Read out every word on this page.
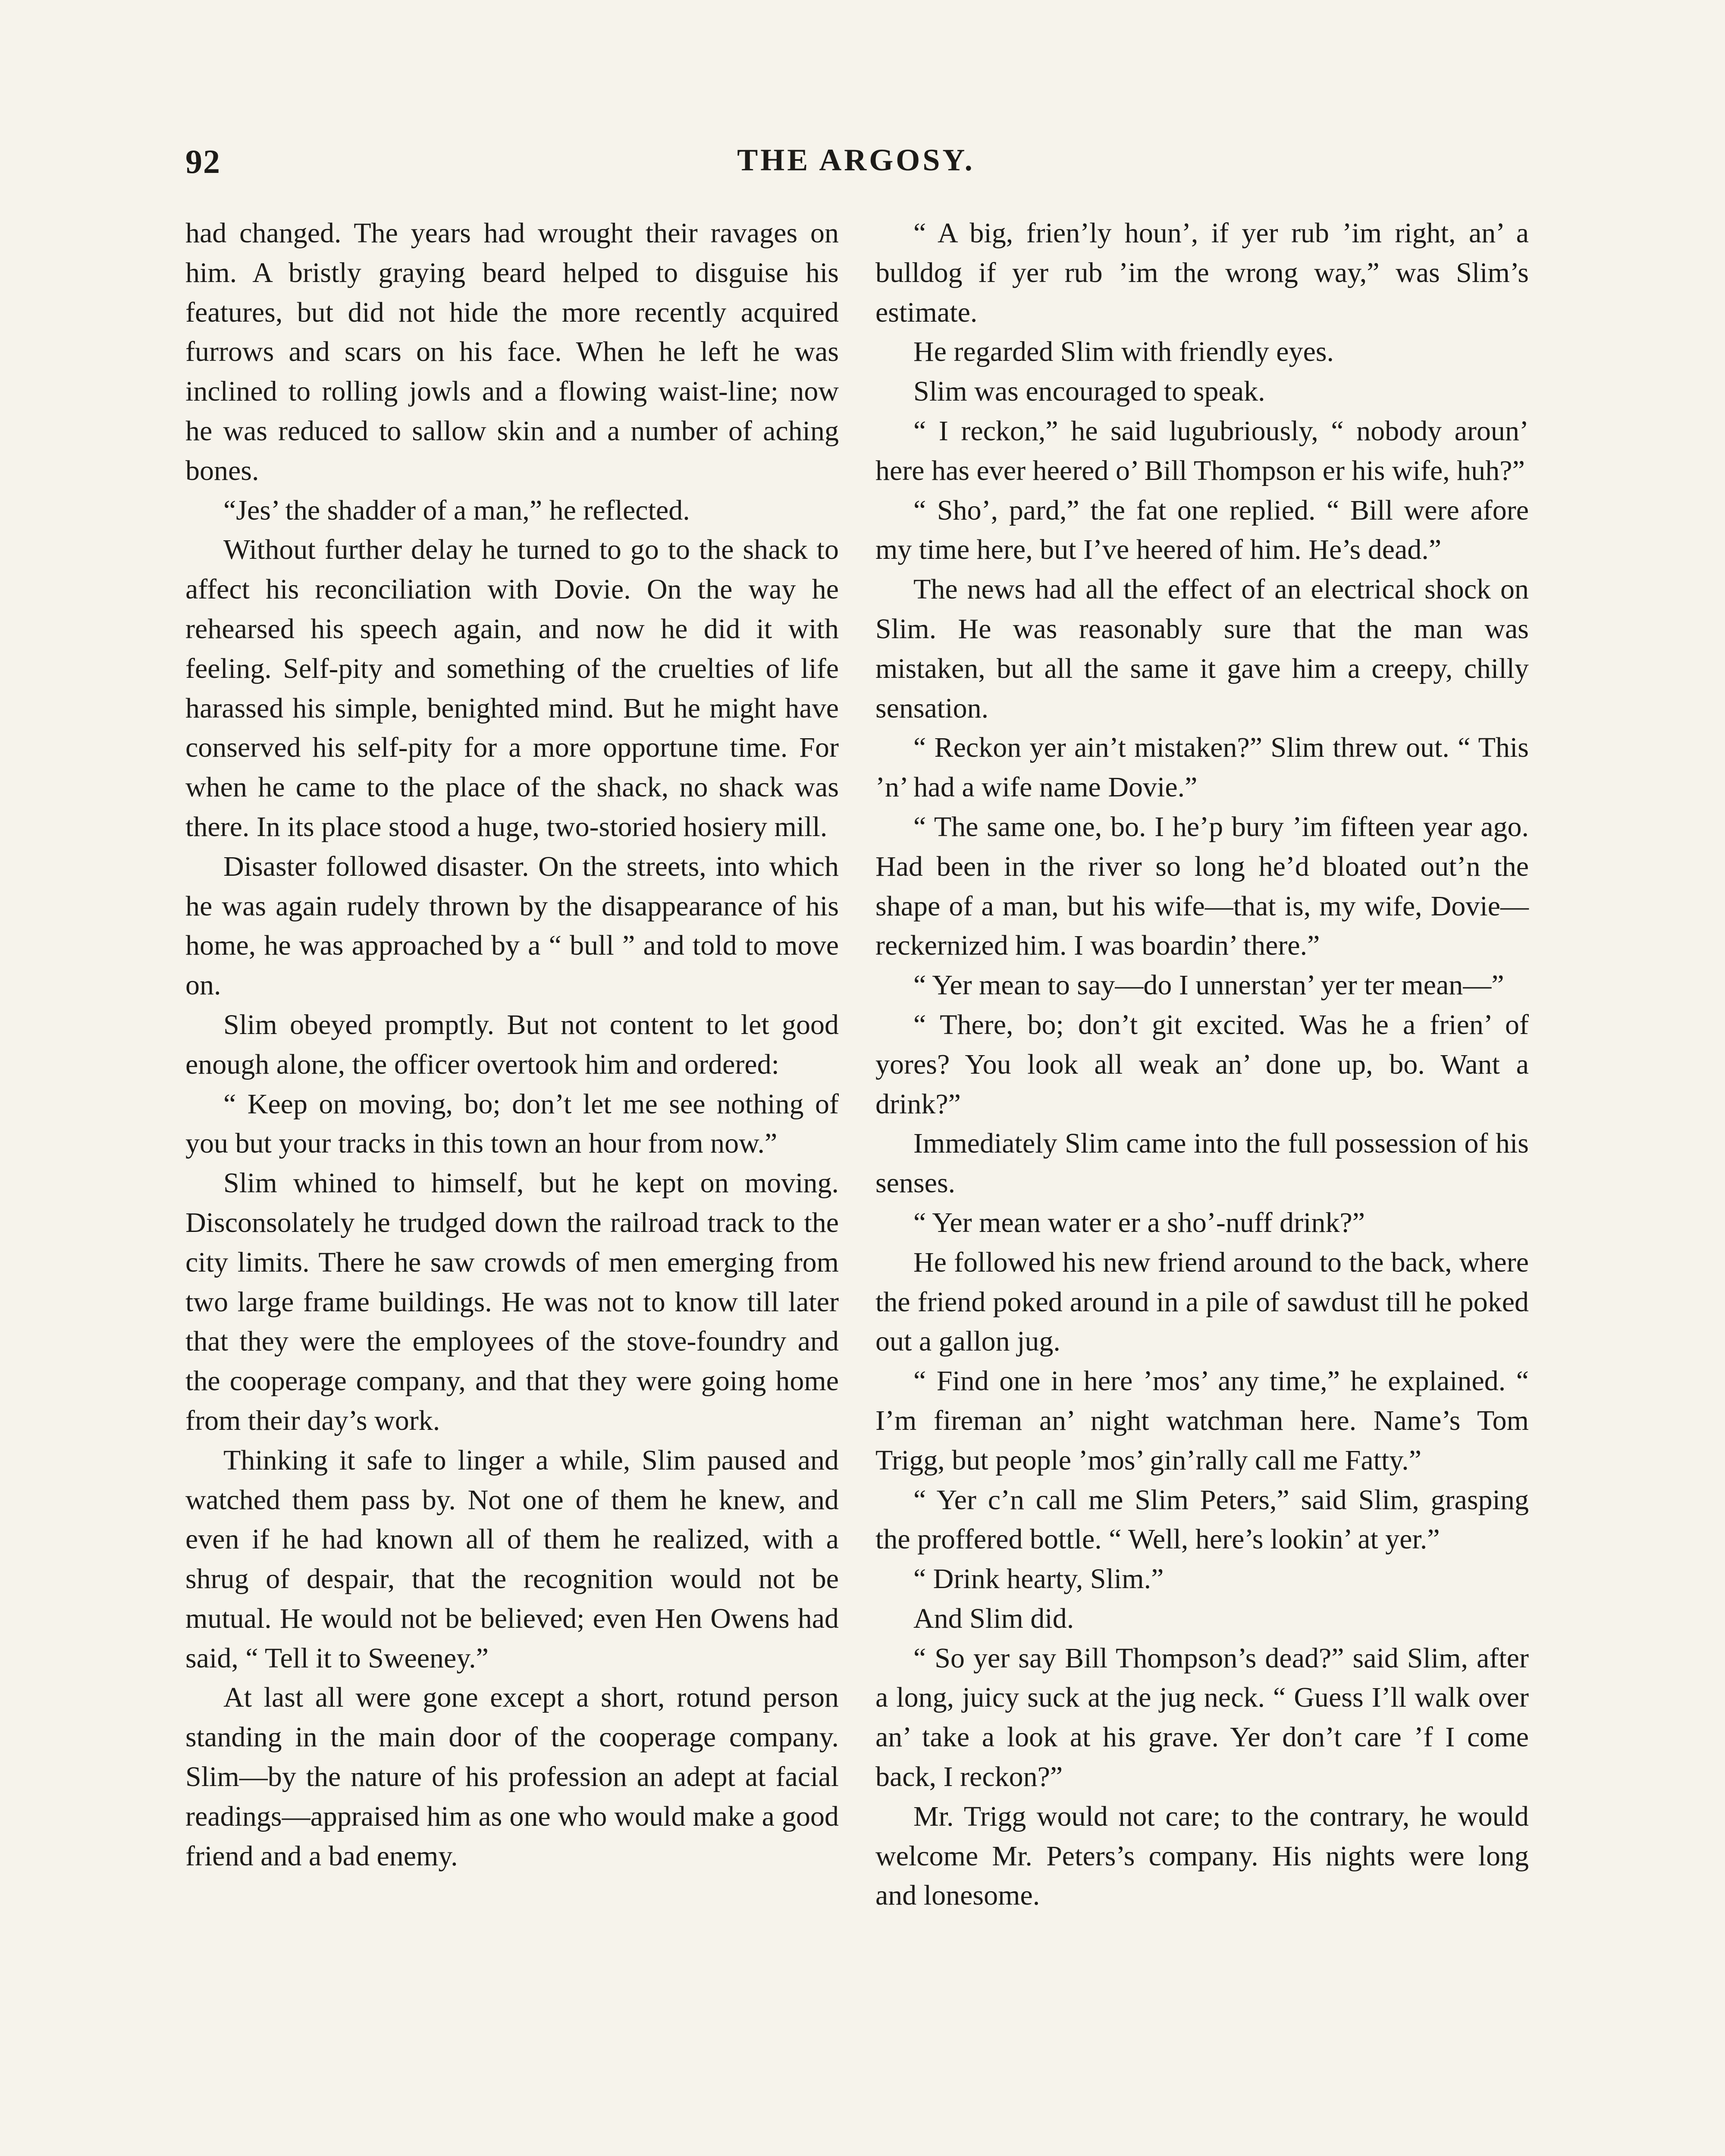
92	THE ARGOSY.

had changed. The years had wrought their ravages on him. A bristly graying beard helped to disguise his features, but did not hide the more recently acquired furrows and scars on his face. When he left he was inclined to rolling jowls and a flowing waist-line; now he was reduced to sallow skin and a number of aching bones.

“Jes’ the shadder of a man,” he reflected.

Without further delay he turned to go to the shack to affect his reconciliation with Dovie. On the way he rehearsed his speech again, and now he did it with feeling. Self-pity and something of the cruelties of life harassed his simple, benighted mind. But he might have conserved his self-pity for a more opportune time. For when he came to the place of the shack, no shack was there. In its place stood a huge, two-storied hosiery mill.

Disaster followed disaster. On the streets, into which he was again rudely thrown by the disappearance of his home, he was approached by a “ bull ” and told to move on.

Slim obeyed promptly. But not content to let good enough alone, the officer overtook him and ordered:

“ Keep on moving, bo; don’t let me see nothing of you but your tracks in this town an hour from now.”

Slim whined to himself, but he kept on moving. Disconsolately he trudged down the railroad track to the city limits. There he saw crowds of men emerging from two large frame buildings. He was not to know till later that they were the employees of the stove-foundry and the cooperage company, and that they were going home from their day’s work.

Thinking it safe to linger a while, Slim paused and watched them pass by. Not one of them he knew, and even if he had known all of them he realized, with a shrug of despair, that the recognition would not be mutual. He would not be believed; even Hen Owens had said, “ Tell it to Sweeney.”

At last all were gone except a short, rotund person standing in the main door of the cooperage company. Slim—by the nature of his profession an adept at facial readings—appraised him as one who would make a good friend and a bad enemy.

“ A big, frien’ly houn’, if yer rub ’im right, an’ a bulldog if yer rub ’im the wrong way,” was Slim’s estimate.

He regarded Slim with friendly eyes.

Slim was encouraged to speak.

“ I reckon,” he said lugubriously, “ nobody aroun’ here has ever heered o’ Bill Thompson er his wife, huh?”

“ Sho’, pard,” the fat one replied. “ Bill were afore my time here, but I’ve heered of him. He’s dead.”

The news had all the effect of an electrical shock on Slim. He was reasonably sure that the man was mistaken, but all the same it gave him a creepy, chilly sensation.

“ Reckon yer ain’t mistaken?” Slim threw out. “ This ’n’ had a wife name Dovie.”

“ The same one, bo. I he’p bury ’im fifteen year ago. Had been in the river so long he’d bloated out’n the shape of a man, but his wife—that is, my wife, Dovie—reckernized him. I was boardin’ there.”

“ Yer mean to say—do I unnerstan’ yer ter mean—”

“ There, bo; don’t git excited. Was he a frien’ of yores? You look all weak an’ done up, bo. Want a drink?”

Immediately Slim came into the full possession of his senses.

“ Yer mean water er a sho’-nuff drink?”

He followed his new friend around to the back, where the friend poked around in a pile of sawdust till he poked out a gallon jug.

“ Find one in here ’mos’ any time,” he explained. “ I’m fireman an’ night watchman here. Name’s Tom Trigg, but people ’mos’ gin’rally call me Fatty.”

“ Yer c’n call me Slim Peters,” said Slim, grasping the proffered bottle. “ Well, here’s lookin’ at yer.”

“ Drink hearty, Slim.”

And Slim did.

“ So yer say Bill Thompson’s dead?” said Slim, after a long, juicy suck at the jug neck. “ Guess I’ll walk over an’ take a look at his grave. Yer don’t care ’f I come back, I reckon?”

Mr. Trigg would not care; to the contrary, he would welcome Mr. Peters’s company. His nights were long and lonesome.
